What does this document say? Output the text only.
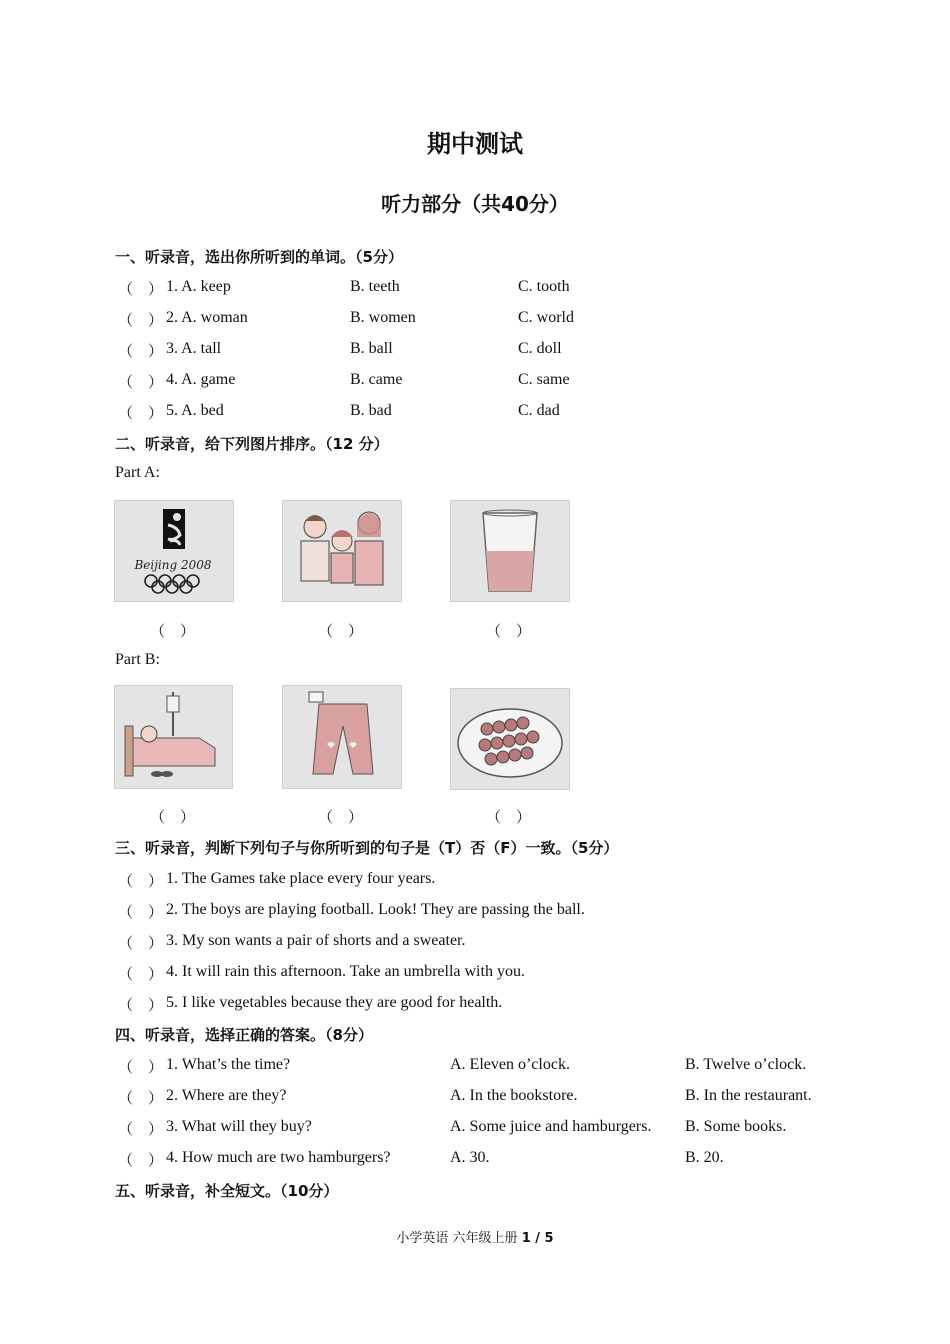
期中测试
听力部分（共40分）
一、听录音，选出你所听到的单词。（5分）
（　） 1. A. keep	B. teeth	C. tooth
（　） 2. A. woman	B. women	C. world
（　） 3. A. tall	B. ball	C. doll
（　） 4. A. game	B. came	C. same
（　） 5. A. bed	B. bad	C. dad
二、听录音，给下列图片排序。（12 分）
Part A:
Beijing 2008
（　）	（　）	（　）
Part B:
（　）	（　）	（　）
三、听录音，判断下列句子与你所听到的句子是（T）否（F）一致。（5分）
（　） 1. The Games take place every four years.
（　） 2. The boys are playing football. Look! They are passing the ball.
（　） 3. My son wants a pair of shorts and a sweater.
（　） 4. It will rain this afternoon. Take an umbrella with you.
（　） 5. I like vegetables because they are good for health.
四、听录音，选择正确的答案。（8分）
（　） 1. What’s the time?	A. Eleven o’clock.	B. Twelve o’clock.
（　） 2. Where are they?	A. In the bookstore.	B. In the restaurant.
（　） 3. What will they buy?	A. Some juice and hamburgers. B. Some books.
（　） 4. How much are two hamburgers?	A. 30.	B. 20.
五、听录音，补全短文。（10分）
小学英语 六年级上册 1 / 5
